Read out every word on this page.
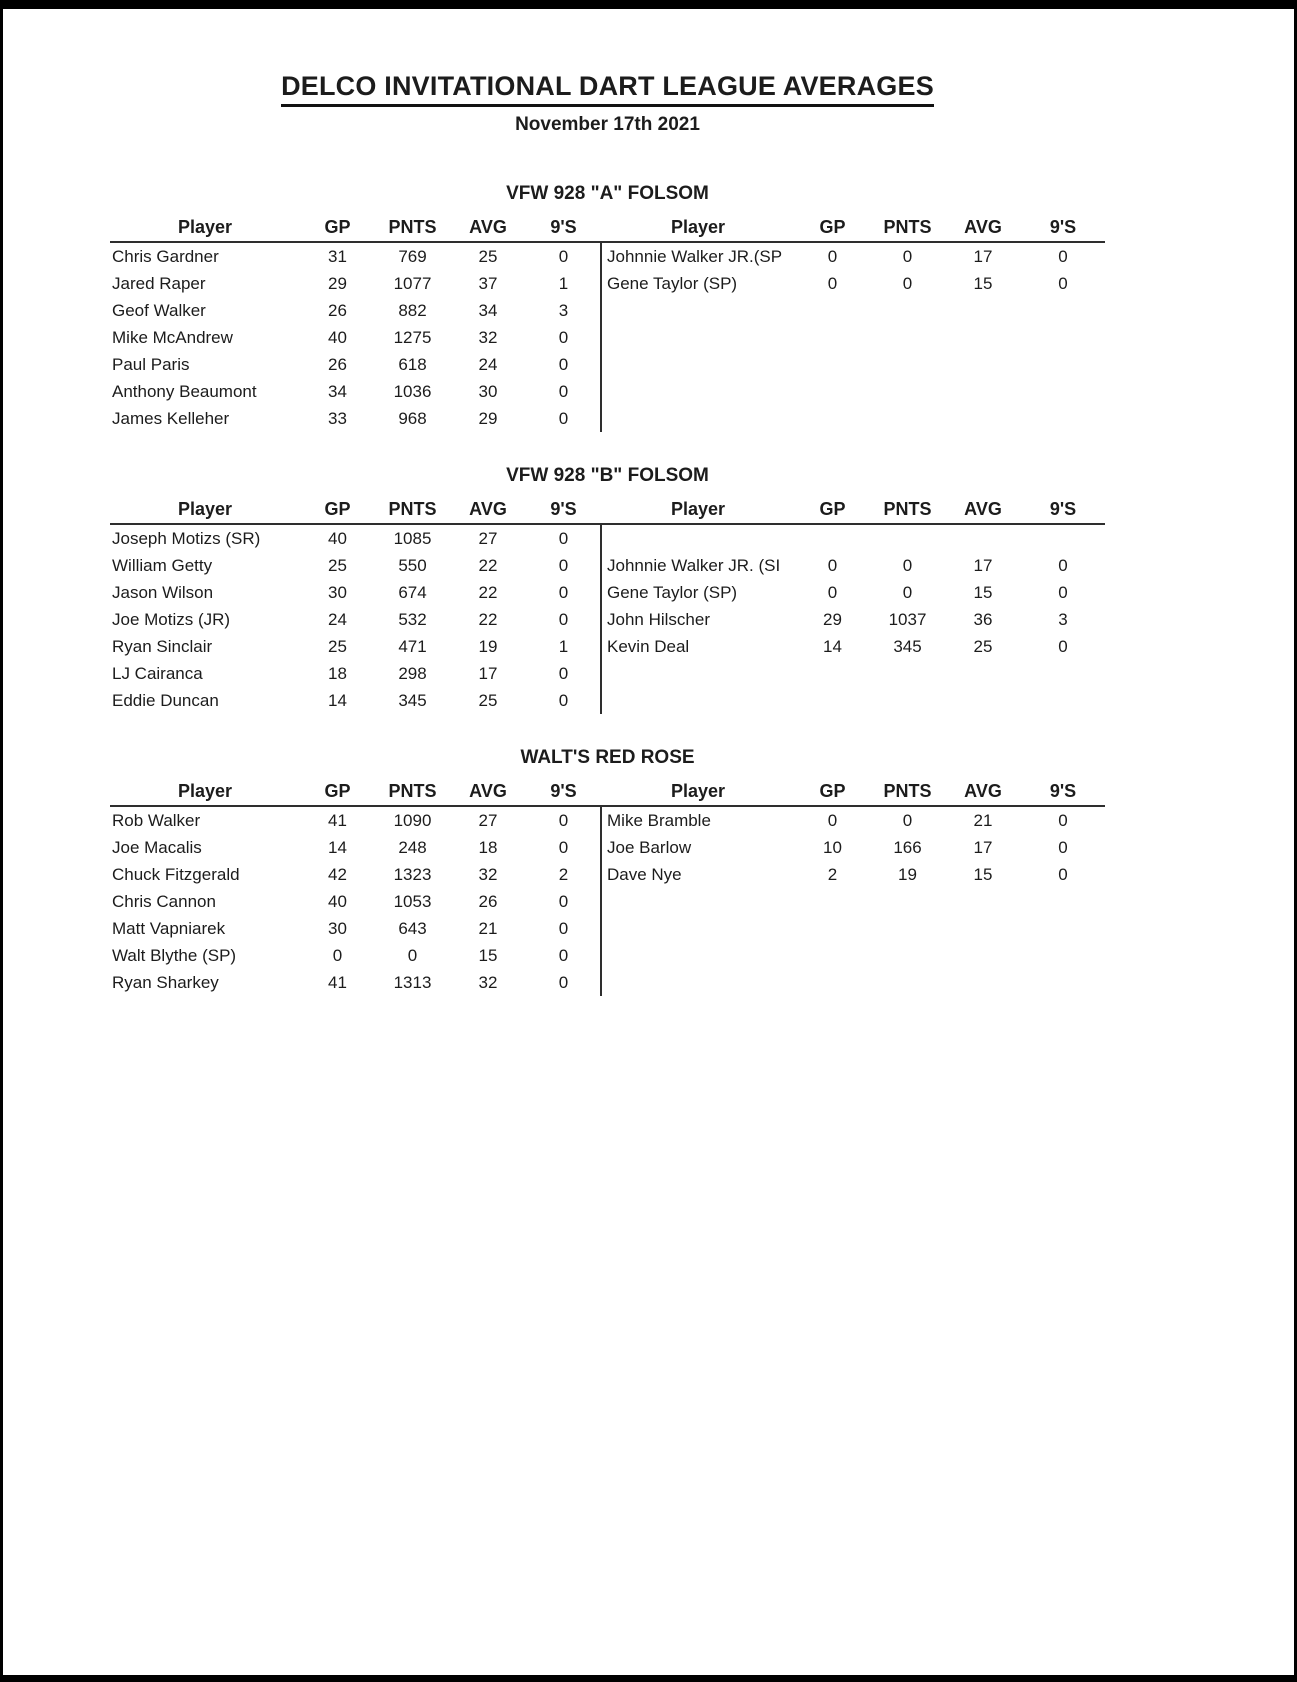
DELCO INVITATIONAL DART LEAGUE AVERAGES
November 17th 2021
VFW 928 "A" FOLSOM
Player	GP	PNTS	AVG	9'S	Player	GP	PNTS	AVG	9'S
Chris Gardner	31	769	25	0	Johnnie Walker JR.(SP	0	0	17	0
Jared Raper	29	1077	37	1	Gene Taylor (SP)	0	0	15	0
Geof Walker	26	882	34	3
Mike McAndrew	40	1275	32	0
Paul Paris	26	618	24	0
Anthony Beaumont	34	1036	30	0
James Kelleher	33	968	29	0
VFW 928 "B" FOLSOM
Player	GP	PNTS	AVG	9'S	Player	GP	PNTS	AVG	9'S
Joseph Motizs (SR)	40	1085	27	0
William Getty	25	550	22	0	Johnnie Walker JR. (SI	0	0	17	0
Jason Wilson	30	674	22	0	Gene Taylor (SP)	0	0	15	0
Joe Motizs (JR)	24	532	22	0	John Hilscher	29	1037	36	3
Ryan Sinclair	25	471	19	1	Kevin Deal	14	345	25	0
LJ Cairanca	18	298	17	0
Eddie Duncan	14	345	25	0
WALT'S RED ROSE
Player	GP	PNTS	AVG	9'S	Player	GP	PNTS	AVG	9'S
Rob Walker	41	1090	27	0	Mike Bramble	0	0	21	0
Joe Macalis	14	248	18	0	Joe Barlow	10	166	17	0
Chuck Fitzgerald	42	1323	32	2	Dave Nye	2	19	15	0
Chris Cannon	40	1053	26	0
Matt Vapniarek	30	643	21	0
Walt Blythe (SP)	0	0	15	0
Ryan Sharkey	41	1313	32	0
